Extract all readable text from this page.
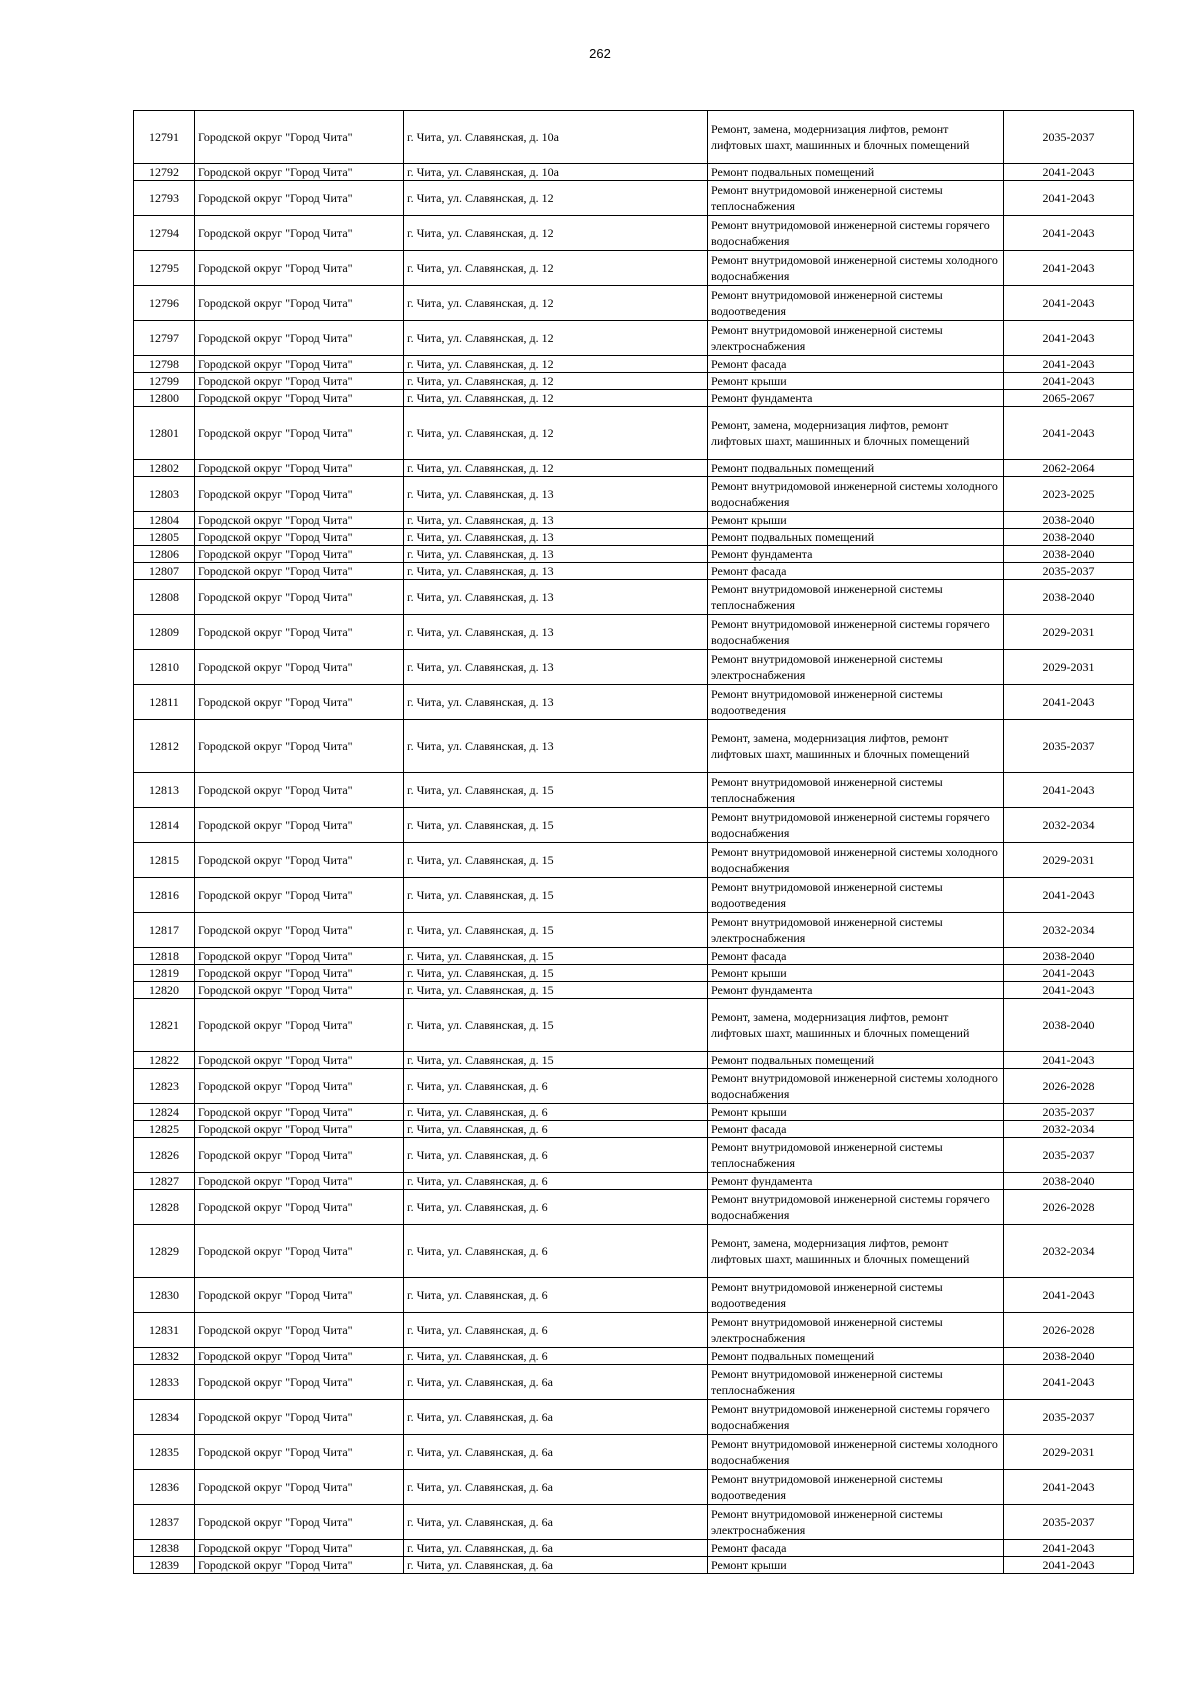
262
12791	Городской округ "Город Чита"	г. Чита, ул. Славянская, д. 10а	Ремонт, замена, модернизация лифтов, ремонт лифтовых шахт, машинных и блочных помещений	2035-2037
12792	Городской округ "Город Чита"	г. Чита, ул. Славянская, д. 10а	Ремонт подвальных помещений	2041-2043
12793	Городской округ "Город Чита"	г. Чита, ул. Славянская, д. 12	Ремонт внутридомовой инженерной системы теплоснабжения	2041-2043
12794	Городской округ "Город Чита"	г. Чита, ул. Славянская, д. 12	Ремонт внутридомовой инженерной системы горячего водоснабжения	2041-2043
12795	Городской округ "Город Чита"	г. Чита, ул. Славянская, д. 12	Ремонт внутридомовой инженерной системы холодного водоснабжения	2041-2043
12796	Городской округ "Город Чита"	г. Чита, ул. Славянская, д. 12	Ремонт внутридомовой инженерной системы водоотведения	2041-2043
12797	Городской округ "Город Чита"	г. Чита, ул. Славянская, д. 12	Ремонт внутридомовой инженерной системы электроснабжения	2041-2043
12798	Городской округ "Город Чита"	г. Чита, ул. Славянская, д. 12	Ремонт фасада	2041-2043
12799	Городской округ "Город Чита"	г. Чита, ул. Славянская, д. 12	Ремонт крыши	2041-2043
12800	Городской округ "Город Чита"	г. Чита, ул. Славянская, д. 12	Ремонт фундамента	2065-2067
12801	Городской округ "Город Чита"	г. Чита, ул. Славянская, д. 12	Ремонт, замена, модернизация лифтов, ремонт лифтовых шахт, машинных и блочных помещений	2041-2043
12802	Городской округ "Город Чита"	г. Чита, ул. Славянская, д. 12	Ремонт подвальных помещений	2062-2064
12803	Городской округ "Город Чита"	г. Чита, ул. Славянская, д. 13	Ремонт внутридомовой инженерной системы холодного водоснабжения	2023-2025
12804	Городской округ "Город Чита"	г. Чита, ул. Славянская, д. 13	Ремонт крыши	2038-2040
12805	Городской округ "Город Чита"	г. Чита, ул. Славянская, д. 13	Ремонт подвальных помещений	2038-2040
12806	Городской округ "Город Чита"	г. Чита, ул. Славянская, д. 13	Ремонт фундамента	2038-2040
12807	Городской округ "Город Чита"	г. Чита, ул. Славянская, д. 13	Ремонт фасада	2035-2037
12808	Городской округ "Город Чита"	г. Чита, ул. Славянская, д. 13	Ремонт внутридомовой инженерной системы теплоснабжения	2038-2040
12809	Городской округ "Город Чита"	г. Чита, ул. Славянская, д. 13	Ремонт внутридомовой инженерной системы горячего водоснабжения	2029-2031
12810	Городской округ "Город Чита"	г. Чита, ул. Славянская, д. 13	Ремонт внутридомовой инженерной системы электроснабжения	2029-2031
12811	Городской округ "Город Чита"	г. Чита, ул. Славянская, д. 13	Ремонт внутридомовой инженерной системы водоотведения	2041-2043
12812	Городской округ "Город Чита"	г. Чита, ул. Славянская, д. 13	Ремонт, замена, модернизация лифтов, ремонт лифтовых шахт, машинных и блочных помещений	2035-2037
12813	Городской округ "Город Чита"	г. Чита, ул. Славянская, д. 15	Ремонт внутридомовой инженерной системы теплоснабжения	2041-2043
12814	Городской округ "Город Чита"	г. Чита, ул. Славянская, д. 15	Ремонт внутридомовой инженерной системы горячего водоснабжения	2032-2034
12815	Городской округ "Город Чита"	г. Чита, ул. Славянская, д. 15	Ремонт внутридомовой инженерной системы холодного водоснабжения	2029-2031
12816	Городской округ "Город Чита"	г. Чита, ул. Славянская, д. 15	Ремонт внутридомовой инженерной системы водоотведения	2041-2043
12817	Городской округ "Город Чита"	г. Чита, ул. Славянская, д. 15	Ремонт внутридомовой инженерной системы электроснабжения	2032-2034
12818	Городской округ "Город Чита"	г. Чита, ул. Славянская, д. 15	Ремонт фасада	2038-2040
12819	Городской округ "Город Чита"	г. Чита, ул. Славянская, д. 15	Ремонт крыши	2041-2043
12820	Городской округ "Город Чита"	г. Чита, ул. Славянская, д. 15	Ремонт фундамента	2041-2043
12821	Городской округ "Город Чита"	г. Чита, ул. Славянская, д. 15	Ремонт, замена, модернизация лифтов, ремонт лифтовых шахт, машинных и блочных помещений	2038-2040
12822	Городской округ "Город Чита"	г. Чита, ул. Славянская, д. 15	Ремонт подвальных помещений	2041-2043
12823	Городской округ "Город Чита"	г. Чита, ул. Славянская, д. 6	Ремонт внутридомовой инженерной системы холодного водоснабжения	2026-2028
12824	Городской округ "Город Чита"	г. Чита, ул. Славянская, д. 6	Ремонт крыши	2035-2037
12825	Городской округ "Город Чита"	г. Чита, ул. Славянская, д. 6	Ремонт фасада	2032-2034
12826	Городской округ "Город Чита"	г. Чита, ул. Славянская, д. 6	Ремонт внутридомовой инженерной системы теплоснабжения	2035-2037
12827	Городской округ "Город Чита"	г. Чита, ул. Славянская, д. 6	Ремонт фундамента	2038-2040
12828	Городской округ "Город Чита"	г. Чита, ул. Славянская, д. 6	Ремонт внутридомовой инженерной системы горячего водоснабжения	2026-2028
12829	Городской округ "Город Чита"	г. Чита, ул. Славянская, д. 6	Ремонт, замена, модернизация лифтов, ремонт лифтовых шахт, машинных и блочных помещений	2032-2034
12830	Городской округ "Город Чита"	г. Чита, ул. Славянская, д. 6	Ремонт внутридомовой инженерной системы водоотведения	2041-2043
12831	Городской округ "Город Чита"	г. Чита, ул. Славянская, д. 6	Ремонт внутридомовой инженерной системы электроснабжения	2026-2028
12832	Городской округ "Город Чита"	г. Чита, ул. Славянская, д. 6	Ремонт подвальных помещений	2038-2040
12833	Городской округ "Город Чита"	г. Чита, ул. Славянская, д. 6а	Ремонт внутридомовой инженерной системы теплоснабжения	2041-2043
12834	Городской округ "Город Чита"	г. Чита, ул. Славянская, д. 6а	Ремонт внутридомовой инженерной системы горячего водоснабжения	2035-2037
12835	Городской округ "Город Чита"	г. Чита, ул. Славянская, д. 6а	Ремонт внутридомовой инженерной системы холодного водоснабжения	2029-2031
12836	Городской округ "Город Чита"	г. Чита, ул. Славянская, д. 6а	Ремонт внутридомовой инженерной системы водоотведения	2041-2043
12837	Городской округ "Город Чита"	г. Чита, ул. Славянская, д. 6а	Ремонт внутридомовой инженерной системы электроснабжения	2035-2037
12838	Городской округ "Город Чита"	г. Чита, ул. Славянская, д. 6а	Ремонт фасада	2041-2043
12839	Городской округ "Город Чита"	г. Чита, ул. Славянская, д. 6а	Ремонт крыши	2041-2043
